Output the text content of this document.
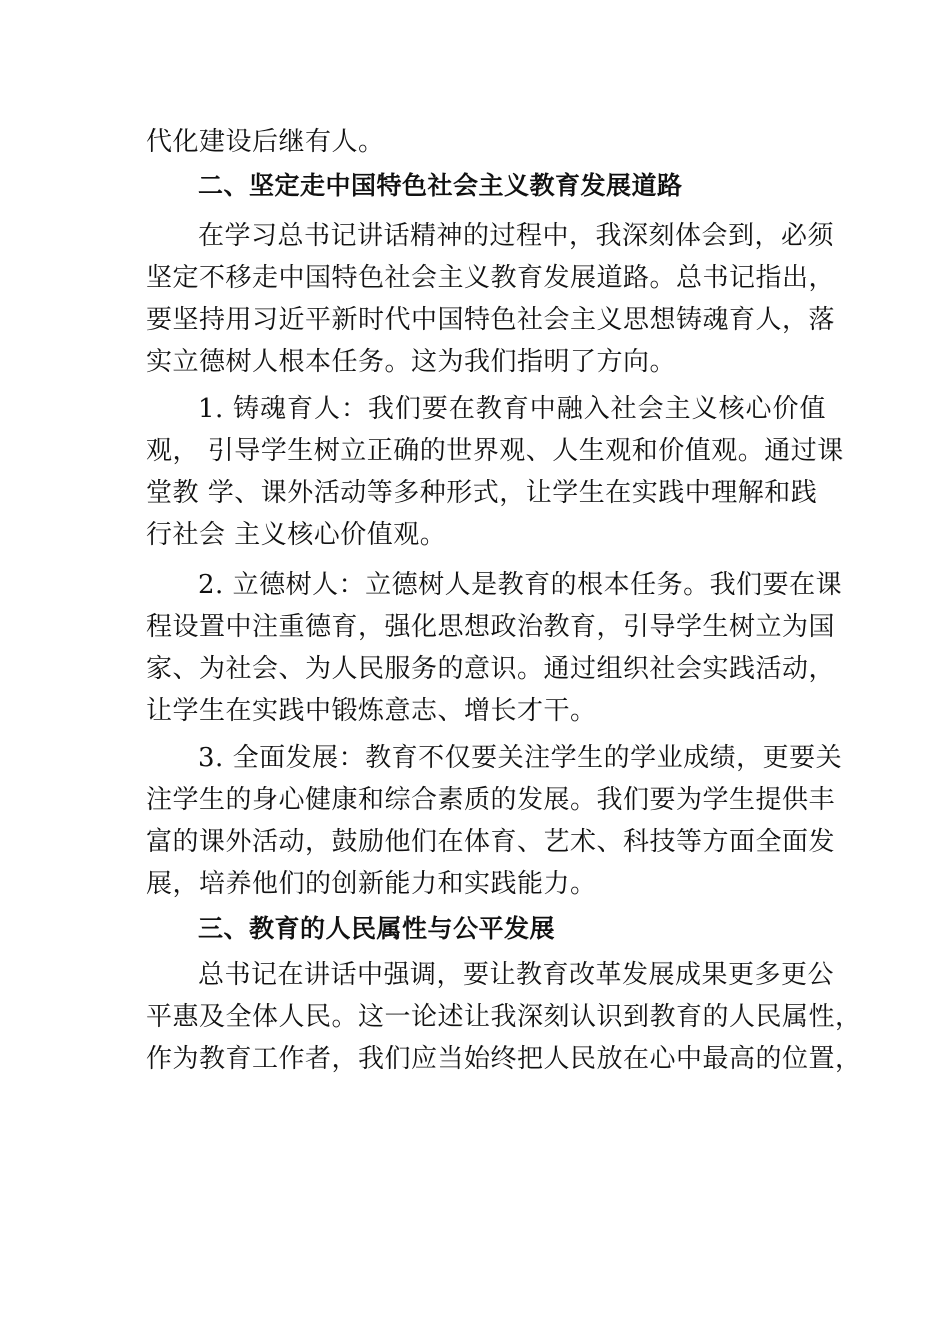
代化建设后继有人。
二、坚定走中国特色社会主义教育发展道路
在学习总书记讲话精神的过程中，我深刻体会到，必须
坚定不移走中国特色社会主义教育发展道路。总书记指出，
要坚持用习近平新时代中国特色社会主义思想铸魂育人，落
实立德树人根本任务。这为我们指明了方向。
1. 铸魂育人：我们要在教育中融入社会主义核心价值
观， 引导学生树立正确的世界观、人生观和价值观。通过课
堂教 学、课外活动等多种形式，让学生在实践中理解和践
行社会 主义核心价值观。
2. 立德树人：立德树人是教育的根本任务。我们要在课
程设置中注重德育，强化思想政治教育，引导学生树立为国
家、为社会、为人民服务的意识。通过组织社会实践活动，
让学生在实践中锻炼意志、增长才干。
3. 全面发展：教育不仅要关注学生的学业成绩，更要关
注学生的身心健康和综合素质的发展。我们要为学生提供丰
富的课外活动，鼓励他们在体育、艺术、科技等方面全面发
展，培养他们的创新能力和实践能力。
三、教育的人民属性与公平发展
总书记在讲话中强调，要让教育改革发展成果更多更公
平惠及全体人民。这一论述让我深刻认识到教育的人民属性，
作为教育工作者，我们应当始终把人民放在心中最高的位置，
